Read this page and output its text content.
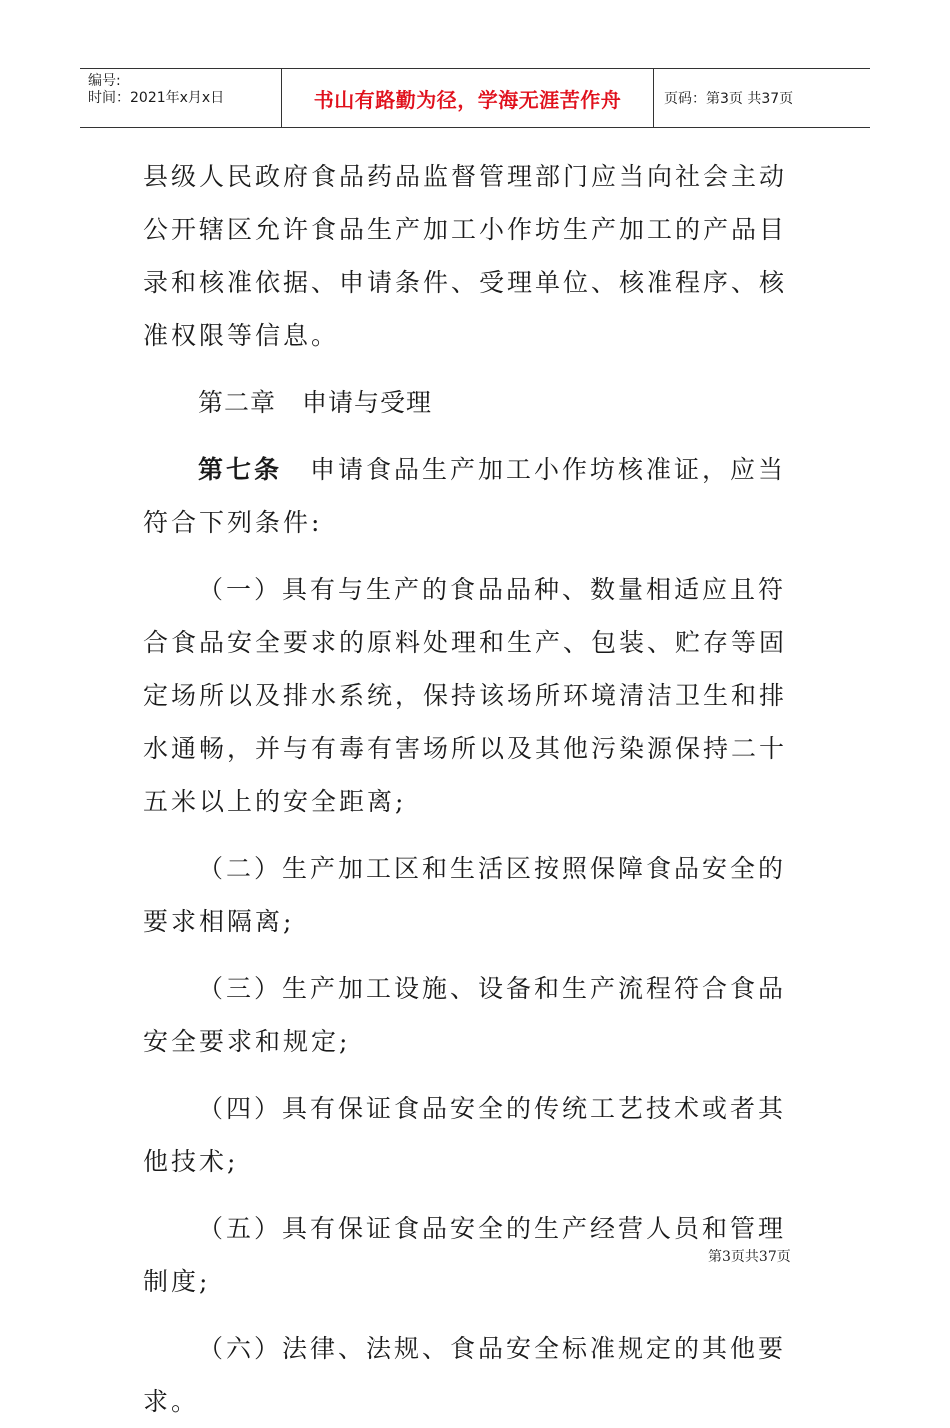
编号:
时间：2021年x月x日	书山有路勤为径，学海无涯苦作舟	页码：第3页 共37页

县级人民政府食品药品监督管理部门应当向社会主动公开辖区允许食品生产加工小作坊生产加工的产品目录和核准依据、申请条件、受理单位、核准程序、核准权限等信息。

第二章　申请与受理

第七条　申请食品生产加工小作坊核准证，应当符合下列条件:

（一）具有与生产的食品品种、数量相适应且符合食品安全要求的原料处理和生产、包装、贮存等固定场所以及排水系统，保持该场所环境清洁卫生和排水通畅，并与有毒有害场所以及其他污染源保持二十五米以上的安全距离;

（二）生产加工区和生活区按照保障食品安全的要求相隔离;

（三）生产加工设施、设备和生产流程符合食品安全要求和规定;

（四）具有保证食品安全的传统工艺技术或者其他技术;

（五）具有保证食品安全的生产经营人员和管理制度;

（六）法律、法规、食品安全标准规定的其他要求。

第3页共37页
